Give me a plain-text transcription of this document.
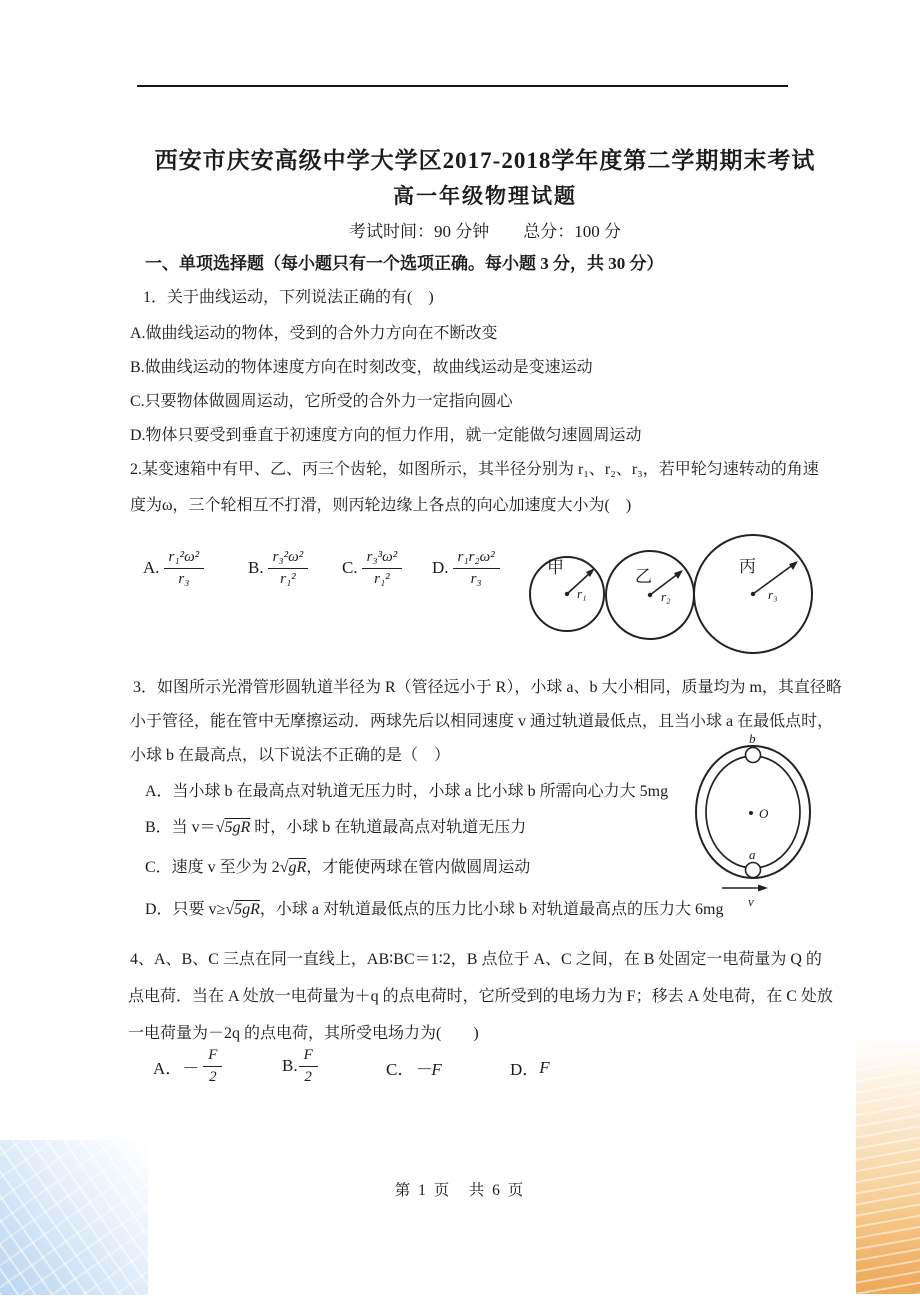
西安市庆安高级中学大学区2017-2018学年度第二学期期末考试
高一年级物理试题
考试时间：90 分钟　　总分：100 分
一、单项选择题（每小题只有一个选项正确。每小题 3 分，共 30 分）
1．关于曲线运动，下列说法正确的有(　)
A.做曲线运动的物体，受到的合外力方向在不断改变
B.做曲线运动的物体速度方向在时刻改变，故曲线运动是变速运动
C.只要物体做圆周运动，它所受的合外力一定指向圆心
D.物体只要受到垂直于初速度方向的恒力作用，就一定能做匀速圆周运动
2.某变速箱中有甲、乙、丙三个齿轮，如图所示，其半径分别为 r₁、r₂、r₃，若甲轮匀速转动的角速
度为ω，三个轮相互不打滑，则丙轮边缘上各点的向心加速度大小为(　)
A. $\frac{\text{r₁²ω²}}{\text{r₃}}$	B. $\frac{\text{r₃²ω²}}{\text{r₁²}} C$. $\frac{\text{r₃³ω²}}{\text{r₁²}} D$. $\frac{\text{r₁r₂ω²}}{\text{r₃}}$	甲	乙
丙
r₁	r₂	r₃
3．如图所示光滑管形圆轨道半径为 R（管径远小于 R），小球 a、b 大小相同，质量均为 m，其直径略
小于管径，能在管中无摩擦运动．两球先后以相同速度 v 通过轨道最低点，且当小球 a 在最低点时，
小球 b 在最高点，以下说法不正确的是（　）
A．当小球 b 在最高点对轨道无压力时，小球 a 比小球 b 所需向心力大 5mg
B．当 v＝√5gR 时，小球 b 在轨道最高点对轨道无压力
C．速度 v 至少为 2√gR，才能使两球在管内做圆周运动
D．只要 v≥√5gR，小球 a 对轨道最低点的压力比小球 b 对轨道最高点的压力大 6mg
b
a
O
v
4、A、B、C 三点在同一直线上，AB∶BC＝1∶2，B 点位于 A、C 之间，在 B 处固定一电荷量为 Q 的
点电荷．当在 A 处放一电荷量为＋q 的点电荷时，它所受到的电场力为 F；移去 A 处电荷，在 C 处放
一电荷量为－2q 的点电荷，其所受电场力为(　　)
A． － $\frac{F}{2}$	B. $\frac{F}{2}$	C． －F	D． F
第 1 页　共 6 页
